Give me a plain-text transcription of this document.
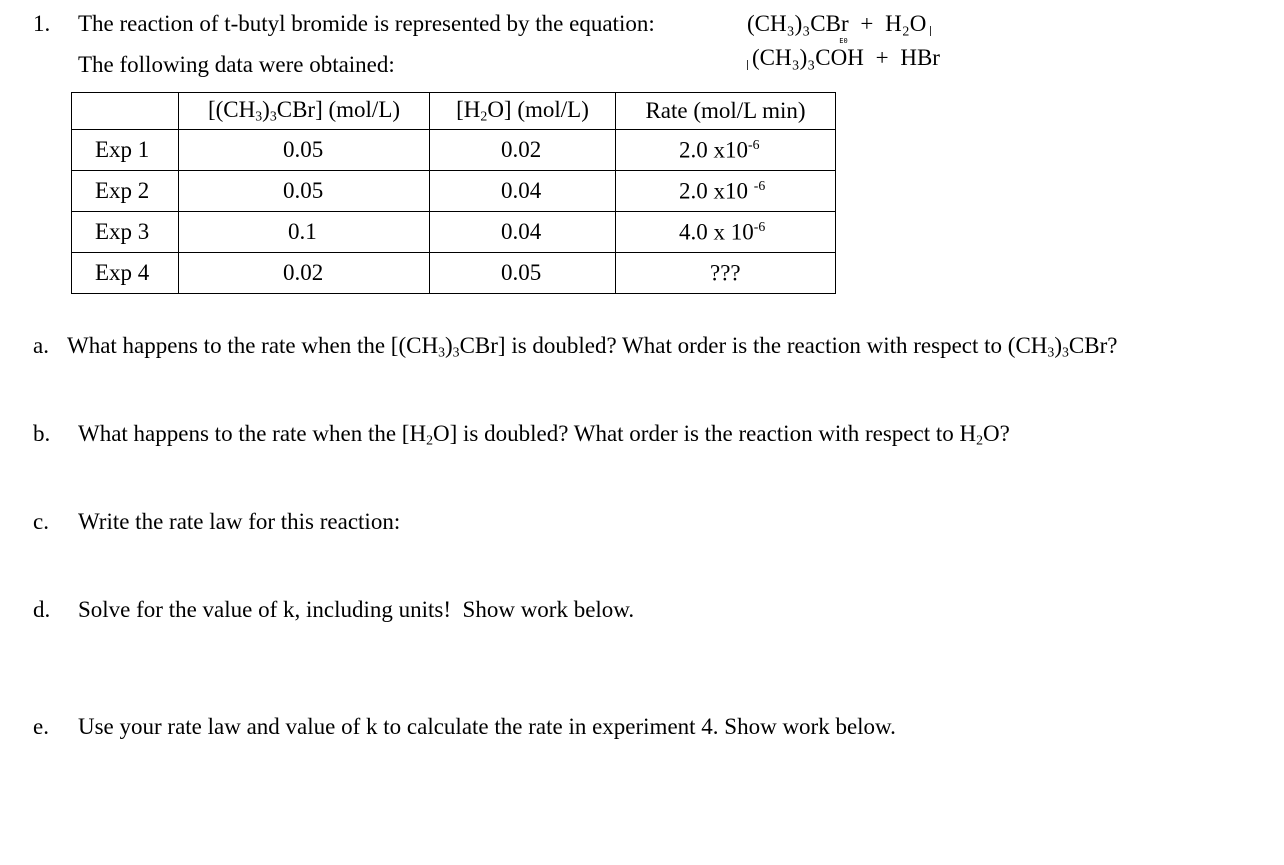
1. The reaction of t-butyl bromide is represented by the equation:	(CH₃)₃CBr + H₂O
E0
(CH₃)₃COH + HBr
The following data were obtained:
	$[(CH_3)_3CBr]$ (mol/L)	$[H_2O]$ (mol/L)	Rate (mol/L min)
Exp 1	0.05	0.02	2.0 $x10^{-6}$
Exp 2	0.05	0.04	2.0 x10 $^{-6}$
Exp 3	0.1	0.04	4.0 x $10^{-6}$
Exp 4	0.02	0.05	???
a. What happens to the rate when the $[(CH_3)_3CBr]$ is doubled? What order is the reaction with respect to $(CH_3)_3CBr$?
b. What happens to the rate when the $[H_2O]$ is doubled? What order is the reaction with respect to $H_2O$?
c. Write the rate law for this reaction:
d. Solve for the value of k, including units!  Show work below.
e. Use your rate law and value of k to calculate the rate in experiment 4. Show work below.
